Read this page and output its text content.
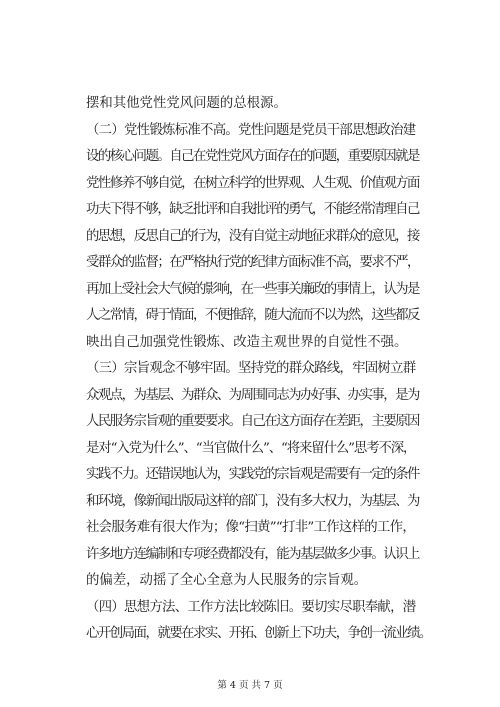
摆和其他党性党风问题的总根源。
（二）党性锻炼标准不高。党性问题是党员干部思想政治建
设的核心问题。自己在党性党风方面存在的问题，重要原因就是
党性修养不够自觉，在树立科学的世界观、人生观、价值观方面
功夫下得不够，缺乏批评和自我批评的勇气，不能经常清理自己
的思想，反思自己的行为，没有自觉主动地征求群众的意见，接
受群众的监督；在严格执行党的纪律方面标准不高，要求不严，
再加上受社会大气候的影响，在一些事关廉政的事情上，认为是
人之常情，碍于情面，不便推辞，随大流而不以为然，这些都反
映出自己加强党性锻炼、改造主观世界的自觉性不强。
（三）宗旨观念不够牢固。坚持党的群众路线，牢固树立群
众观点，为基层、为群众、为周围同志为办好事、办实事，是为
人民服务宗旨观的重要要求。自己在这方面存在差距，主要原因
是对“入党为什么”、“当官做什么”、“将来留什么”思考不深，
实践不力。还错误地认为，实践党的宗旨观是需要有一定的条件
和环境，像新闻出版局这样的部门，没有多大权力，为基层、为
社会服务难有很大作为；像“扫黄”“打非”工作这样的工作，
许多地方连编制和专项经费都没有，能为基层做多少事。认识上
的偏差，动摇了全心全意为人民服务的宗旨观。
（四）思想方法、工作方法比较陈旧。要切实尽职奉献，潜
心开创局面，就要在求实、开拓、创新上下功夫，争创一流业绩。
第 4 页 共 7 页
